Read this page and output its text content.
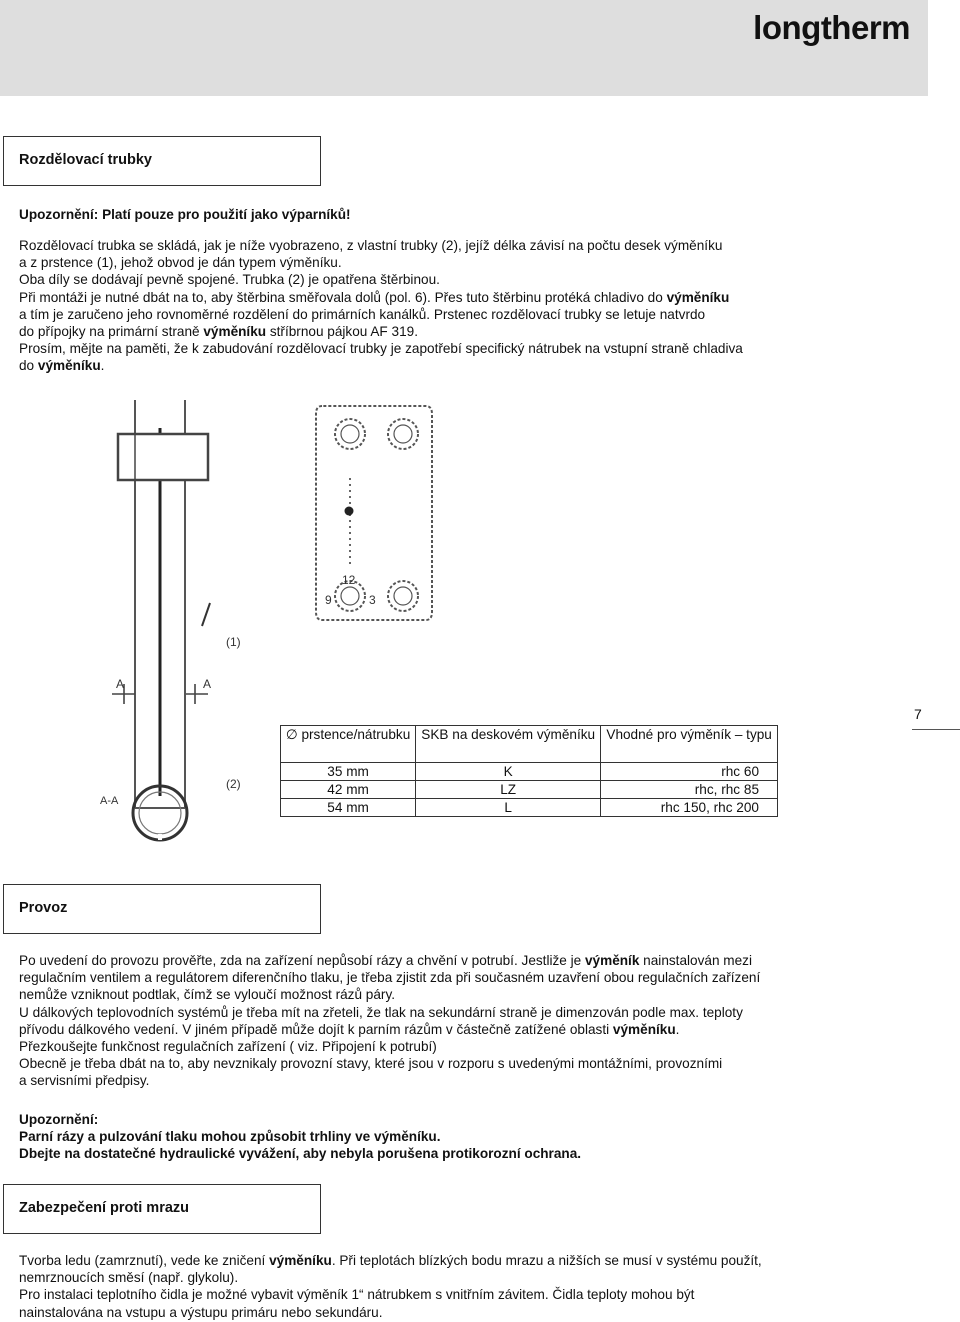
longtherm
Rozdělovací trubky
Upozornění: Platí pouze pro použití jako výparníků!

Rozdělovací trubka se skládá, jak je níže vyobrazeno, z vlastní trubky (2), jejíž délka závisí na počtu desek výměníku

a z prstence (1), jehož obvod je dán typem výměníku.

Oba díly se dodávají pevně spojené. Trubka (2) je opatřena štěrbinou.

Při montáži je nutné dbát na to, aby štěrbina směřovala dolů (pol. 6). Přes tuto štěrbinu protéká chladivo do výměníku

a tím je zaručeno jeho rovnoměrné rozdělení do primárních kanálků. Prstenec rozdělovací trubky se letuje natvrdo

do přípojky na primární straně výměníku stříbrnou pájkou AF 319.

Prosím, mějte na paměti, že k zabudování rozdělovací trubky je zapotřebí specifický nátrubek na vstupní straně chladiva

do výměníku.

(1)
A	A
(2)
A-A
12
9	3
∅ prstence/nátrubku	SKB na deskovém výměníku	Vhodné pro výměník – typu
35 mm	K	rhc 60
42 mm	LZ	rhc, rhc 85
54 mm	L	rhc 150, rhc 200
7
Provoz

Po uvedení do provozu prověřte, zda na zařízení nepůsobí rázy a chvění v potrubí. Jestliže je výměník nainstalován mezi

regulačním ventilem a regulátorem diferenčního tlaku, je třeba zjistit zda při současném uzavření obou regulačních zařízení

nemůže vzniknout podtlak, čímž se vyloučí možnost rázů páry.

U dálkových teplovodních systémů je třeba mít na zřeteli, že tlak na sekundární straně je dimenzován podle max. teploty

přívodu dálkového vedení. V jiném případě může dojít k parním rázům v částečně zatížené oblasti výměníku.

Přezkoušejte funkčnost regulačních zařízení ( viz. Připojení k potrubí)

Obecně je třeba dbát na to, aby nevznikaly provozní stavy, které jsou v rozporu s uvedenými montážními, provozními

a servisními předpisy.

Upozornění:

Parní rázy a pulzování tlaku mohou způsobit trhliny ve výměníku.

Dbejte na dostatečné hydraulické vyvážení, aby nebyla porušena protikorozní ochrana.

Zabezpečení proti mrazu

Tvorba ledu (zamrznutí), vede ke zničení výměníku. Při teplotách blízkých bodu mrazu a nižších se musí v systému použít,

nemrznoucích směsí (např. glykolu).

Pro instalaci teplotního čidla je možné vybavit výměník 1“ nátrubkem s vnitřním závitem. Čidla teploty mohou být

nainstalována na vstupu a výstupu primáru nebo sekundáru.
